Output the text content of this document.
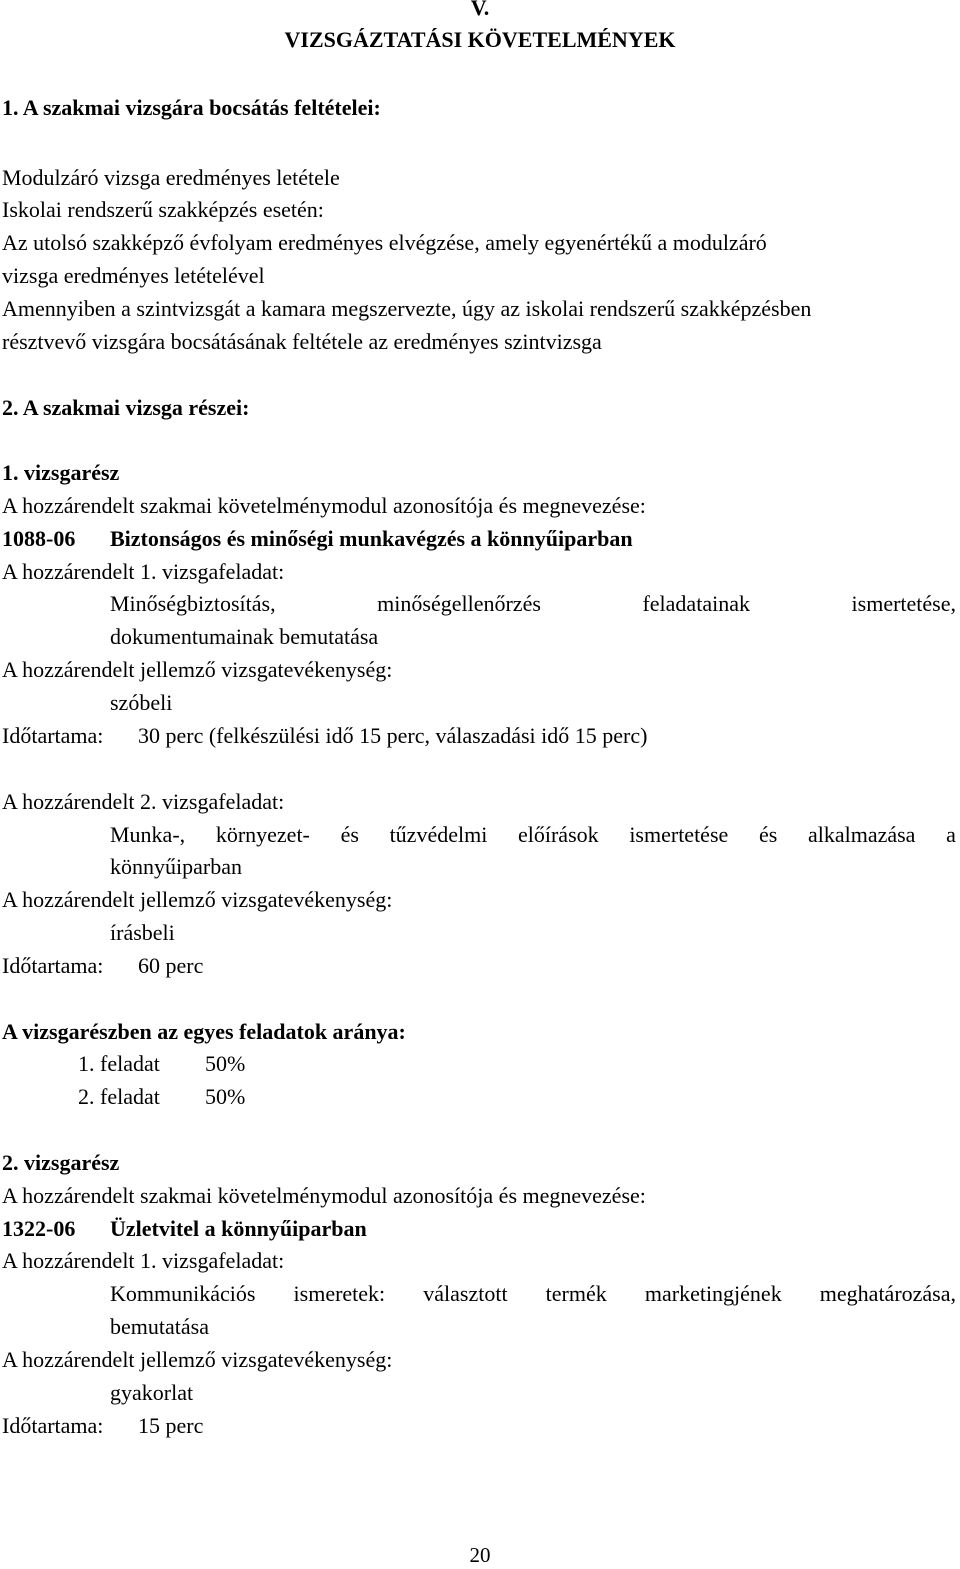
V.
VIZSGÁZTATÁSI KÖVETELMÉNYEK
1. A szakmai vizsgára bocsátás feltételei:
Modulzáró vizsga eredményes letétele
Iskolai rendszerű szakképzés esetén:
Az utolsó szakképző évfolyam eredményes elvégzése, amely egyenértékű a modulzáró
vizsga eredményes letételével
Amennyiben a szintvizsgát a kamara megszervezte, úgy az iskolai rendszerű szakképzésben
résztvevő vizsgára bocsátásának feltétele az eredményes szintvizsga
2. A szakmai vizsga részei:
1. vizsgarész
A hozzárendelt szakmai követelménymodul azonosítója és megnevezése:
1088-06 Biztonságos és minőségi munkavégzés a könnyűiparban
A hozzárendelt 1. vizsgafeladat:
Minőségbiztosítás,	minőségellenőrzés	feladatainak	ismertetése,
dokumentumainak bemutatása
A hozzárendelt jellemző vizsgatevékenység:
szóbeli
Időtartama: 30 perc (felkészülési idő 15 perc, válaszadási idő 15 perc)
A hozzárendelt 2. vizsgafeladat:
Munka-, környezet- és tűzvédelmi előírások ismertetése és alkalmazása a
könnyűiparban
A hozzárendelt jellemző vizsgatevékenység:
írásbeli
Időtartama: 60 perc
A vizsgarészben az egyes feladatok aránya:
1. feladat 50%
2. feladat 50%
2. vizsgarész
A hozzárendelt szakmai követelménymodul azonosítója és megnevezése:
1322-06 Üzletvitel a könnyűiparban
A hozzárendelt 1. vizsgafeladat:
Kommunikációs ismeretek: választott termék marketingjének meghatározása,
bemutatása
A hozzárendelt jellemző vizsgatevékenység:
gyakorlat
Időtartama: 15 perc
20
